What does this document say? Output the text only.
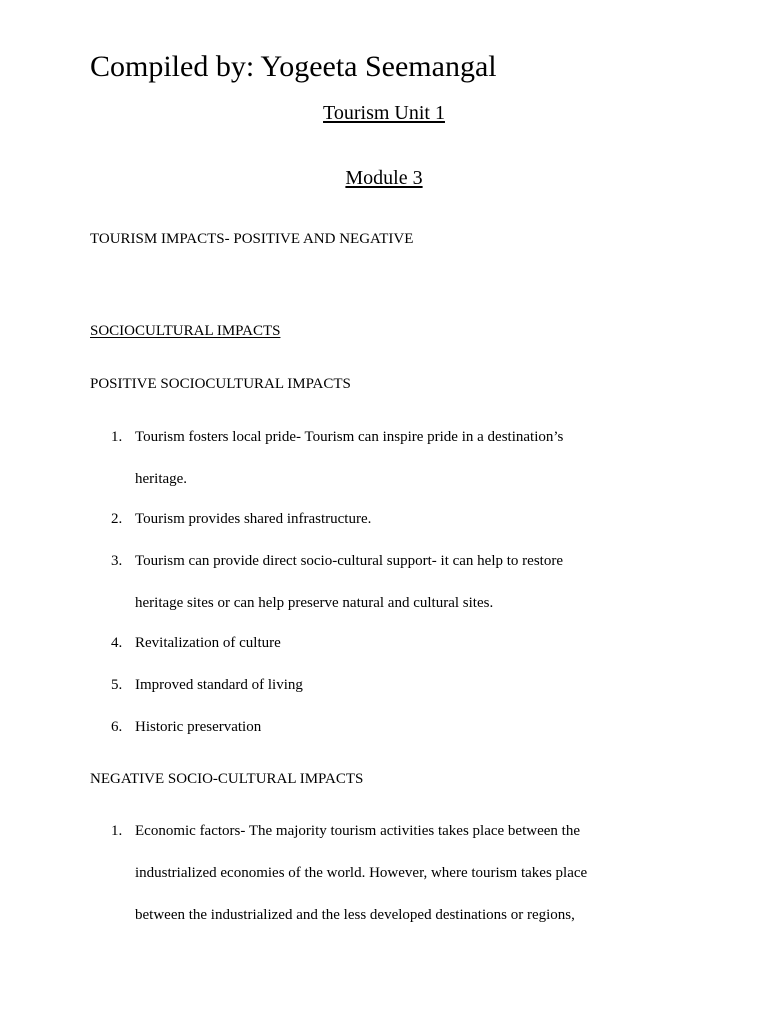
Compiled by: Yogeeta Seemangal
Tourism Unit 1
Module 3
TOURISM IMPACTS- POSITIVE AND NEGATIVE
SOCIOCULTURAL IMPACTS
POSITIVE SOCIOCULTURAL IMPACTS
1. Tourism fosters local pride- Tourism can inspire pride in a destination’s
heritage.
2. Tourism provides shared infrastructure.
3. Tourism can provide direct socio-cultural support- it can help to restore
heritage sites or can help preserve natural and cultural sites.
4. Revitalization of culture
5. Improved standard of living
6. Historic preservation
NEGATIVE SOCIO-CULTURAL IMPACTS
1. Economic factors- The majority tourism activities takes place between the
industrialized economies of the world. However, where tourism takes place
between the industrialized and the less developed destinations or regions,
